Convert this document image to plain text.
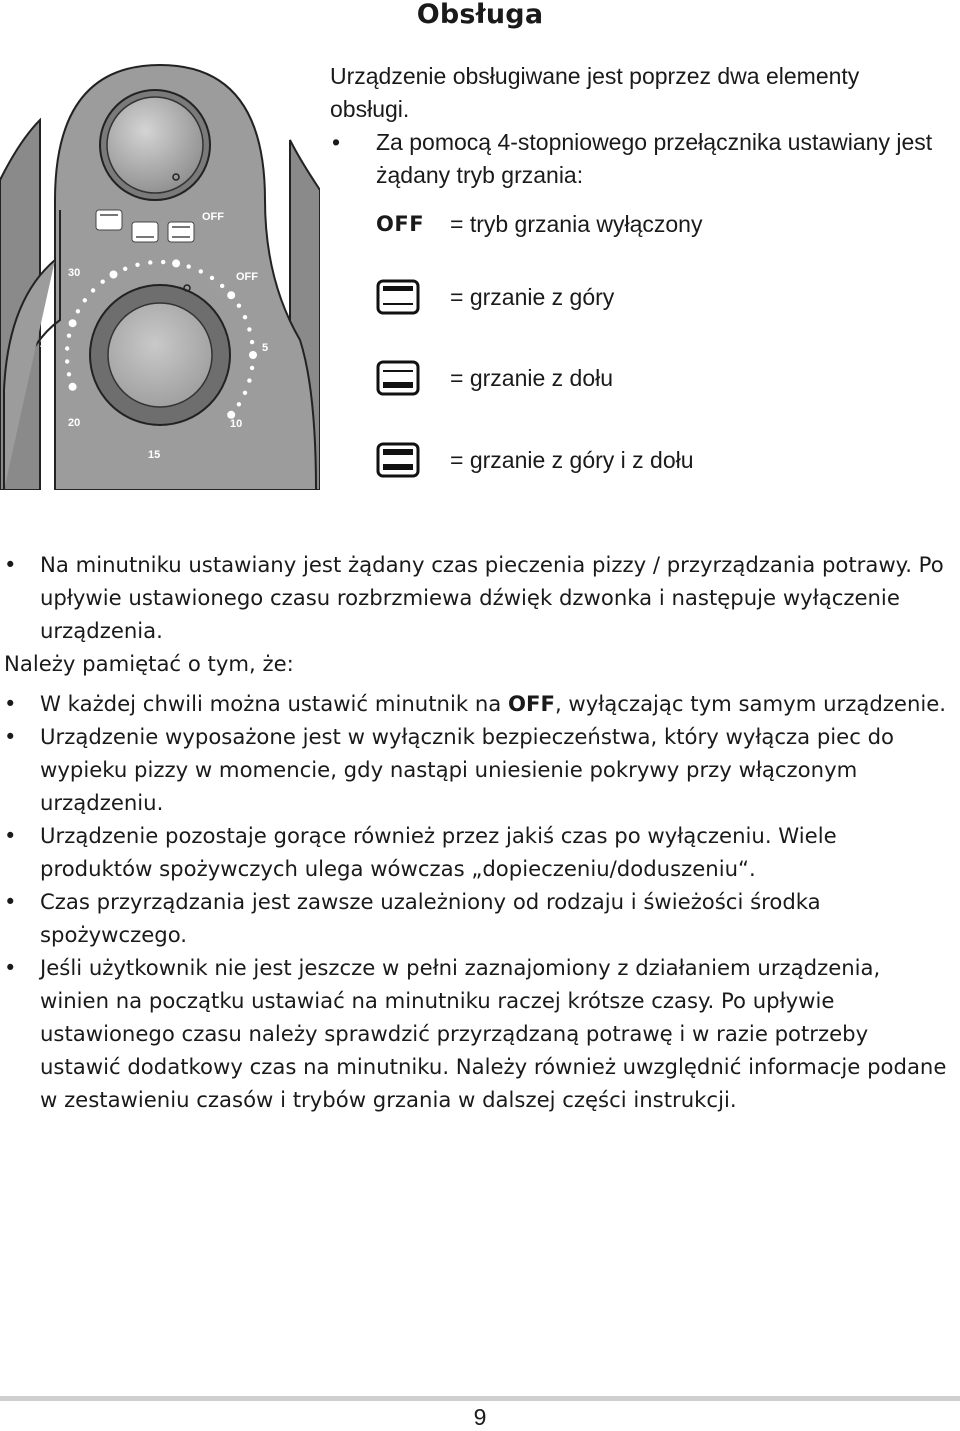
Obsługa
OFF
30	OFF
25	5
20	10
15

Urządzenie obsługiwane jest poprzez dwa elementy obsługi.

• Za pomocą 4-stopniowego przełącznika ustawiany jest żądany tryb grzania:

OFF	= tryb grzania wyłączony
= grzanie z góry
= grzanie z dołu
= grzanie z góry i z dołu

• Na minutniku ustawiany jest żądany czas pieczenia pizzy / przyrządzania potrawy. Po upływie ustawionego czasu rozbrzmiewa dźwięk dzwonka i następuje wyłączenie urządzenia.

Należy pamiętać o tym, że:

• W każdej chwili można ustawić minutnik na OFF, wyłączając tym samym urządzenie.

• Urządzenie wyposażone jest w wyłącznik bezpieczeństwa, który wyłącza piec do wypieku pizzy w momencie, gdy nastąpi uniesienie pokrywy przy włączonym urządzeniu.

• Urządzenie pozostaje gorące również przez jakiś czas po wyłączeniu. Wiele produktów spożywczych ulega wówczas „dopieczeniu/doduszeniu“.

• Czas przyrządzania jest zawsze uzależniony od rodzaju i świeżości środka spożywczego.

• Jeśli użytkownik nie jest jeszcze w pełni zaznajomiony z działaniem urządzenia, winien na początku ustawiać na minutniku raczej krótsze czasy. Po upływie ustawionego czasu należy sprawdzić przyrządzaną potrawę i w razie potrzeby ustawić dodatkowy czas na minutniku. Należy również uwzględnić informacje podane w zestawieniu czasów i trybów grzania w dalszej części instrukcji.

9
